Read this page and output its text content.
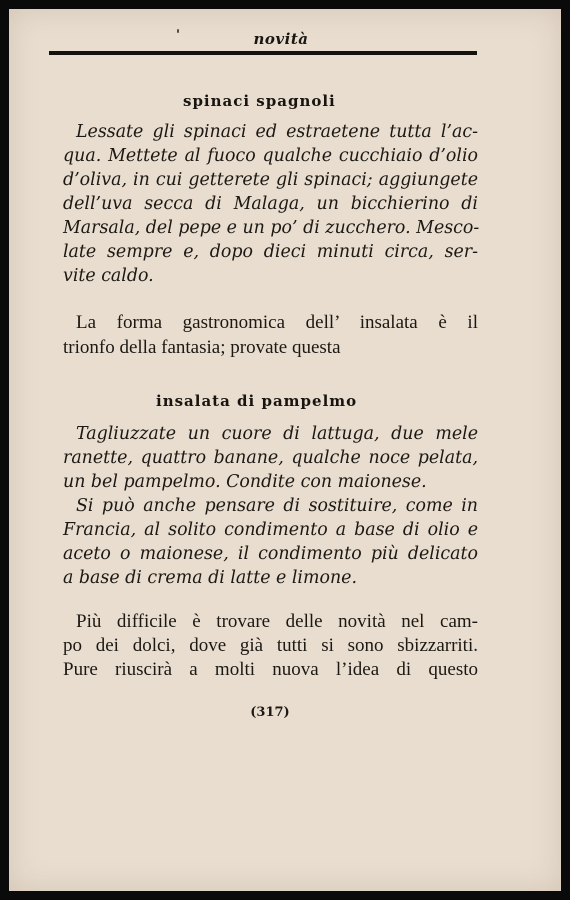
novità
spinaci spagnoli
Lessate gli spinaci ed estraetene tutta l’ac-
qua. Mettete al fuoco qualche cucchiaio d’olio
d’oliva, in cui getterete gli spinaci; aggiungete
dell’uva secca di Malaga, un bicchierino di
Marsala, del pepe e un po’ di zucchero. Mesco-
late sempre e, dopo dieci minuti circa, ser-
vite caldo.
La forma gastronomica dell’ insalata è il
trionfo della fantasia; provate questa
insalata di pampelmo
Tagliuzzate un cuore di lattuga, due mele
ranette, quattro banane, qualche noce pelata,
un bel pampelmo. Condite con maionese.
Si può anche pensare di sostituire, come in
Francia, al solito condimento a base di olio e
aceto o maionese, il condimento più delicato
a base di crema di latte e limone.
Più difficile è trovare delle novità nel cam-
po dei dolci, dove già tutti si sono sbizzarriti.
Pure riuscirà a molti nuova l’idea di questo
(317)
